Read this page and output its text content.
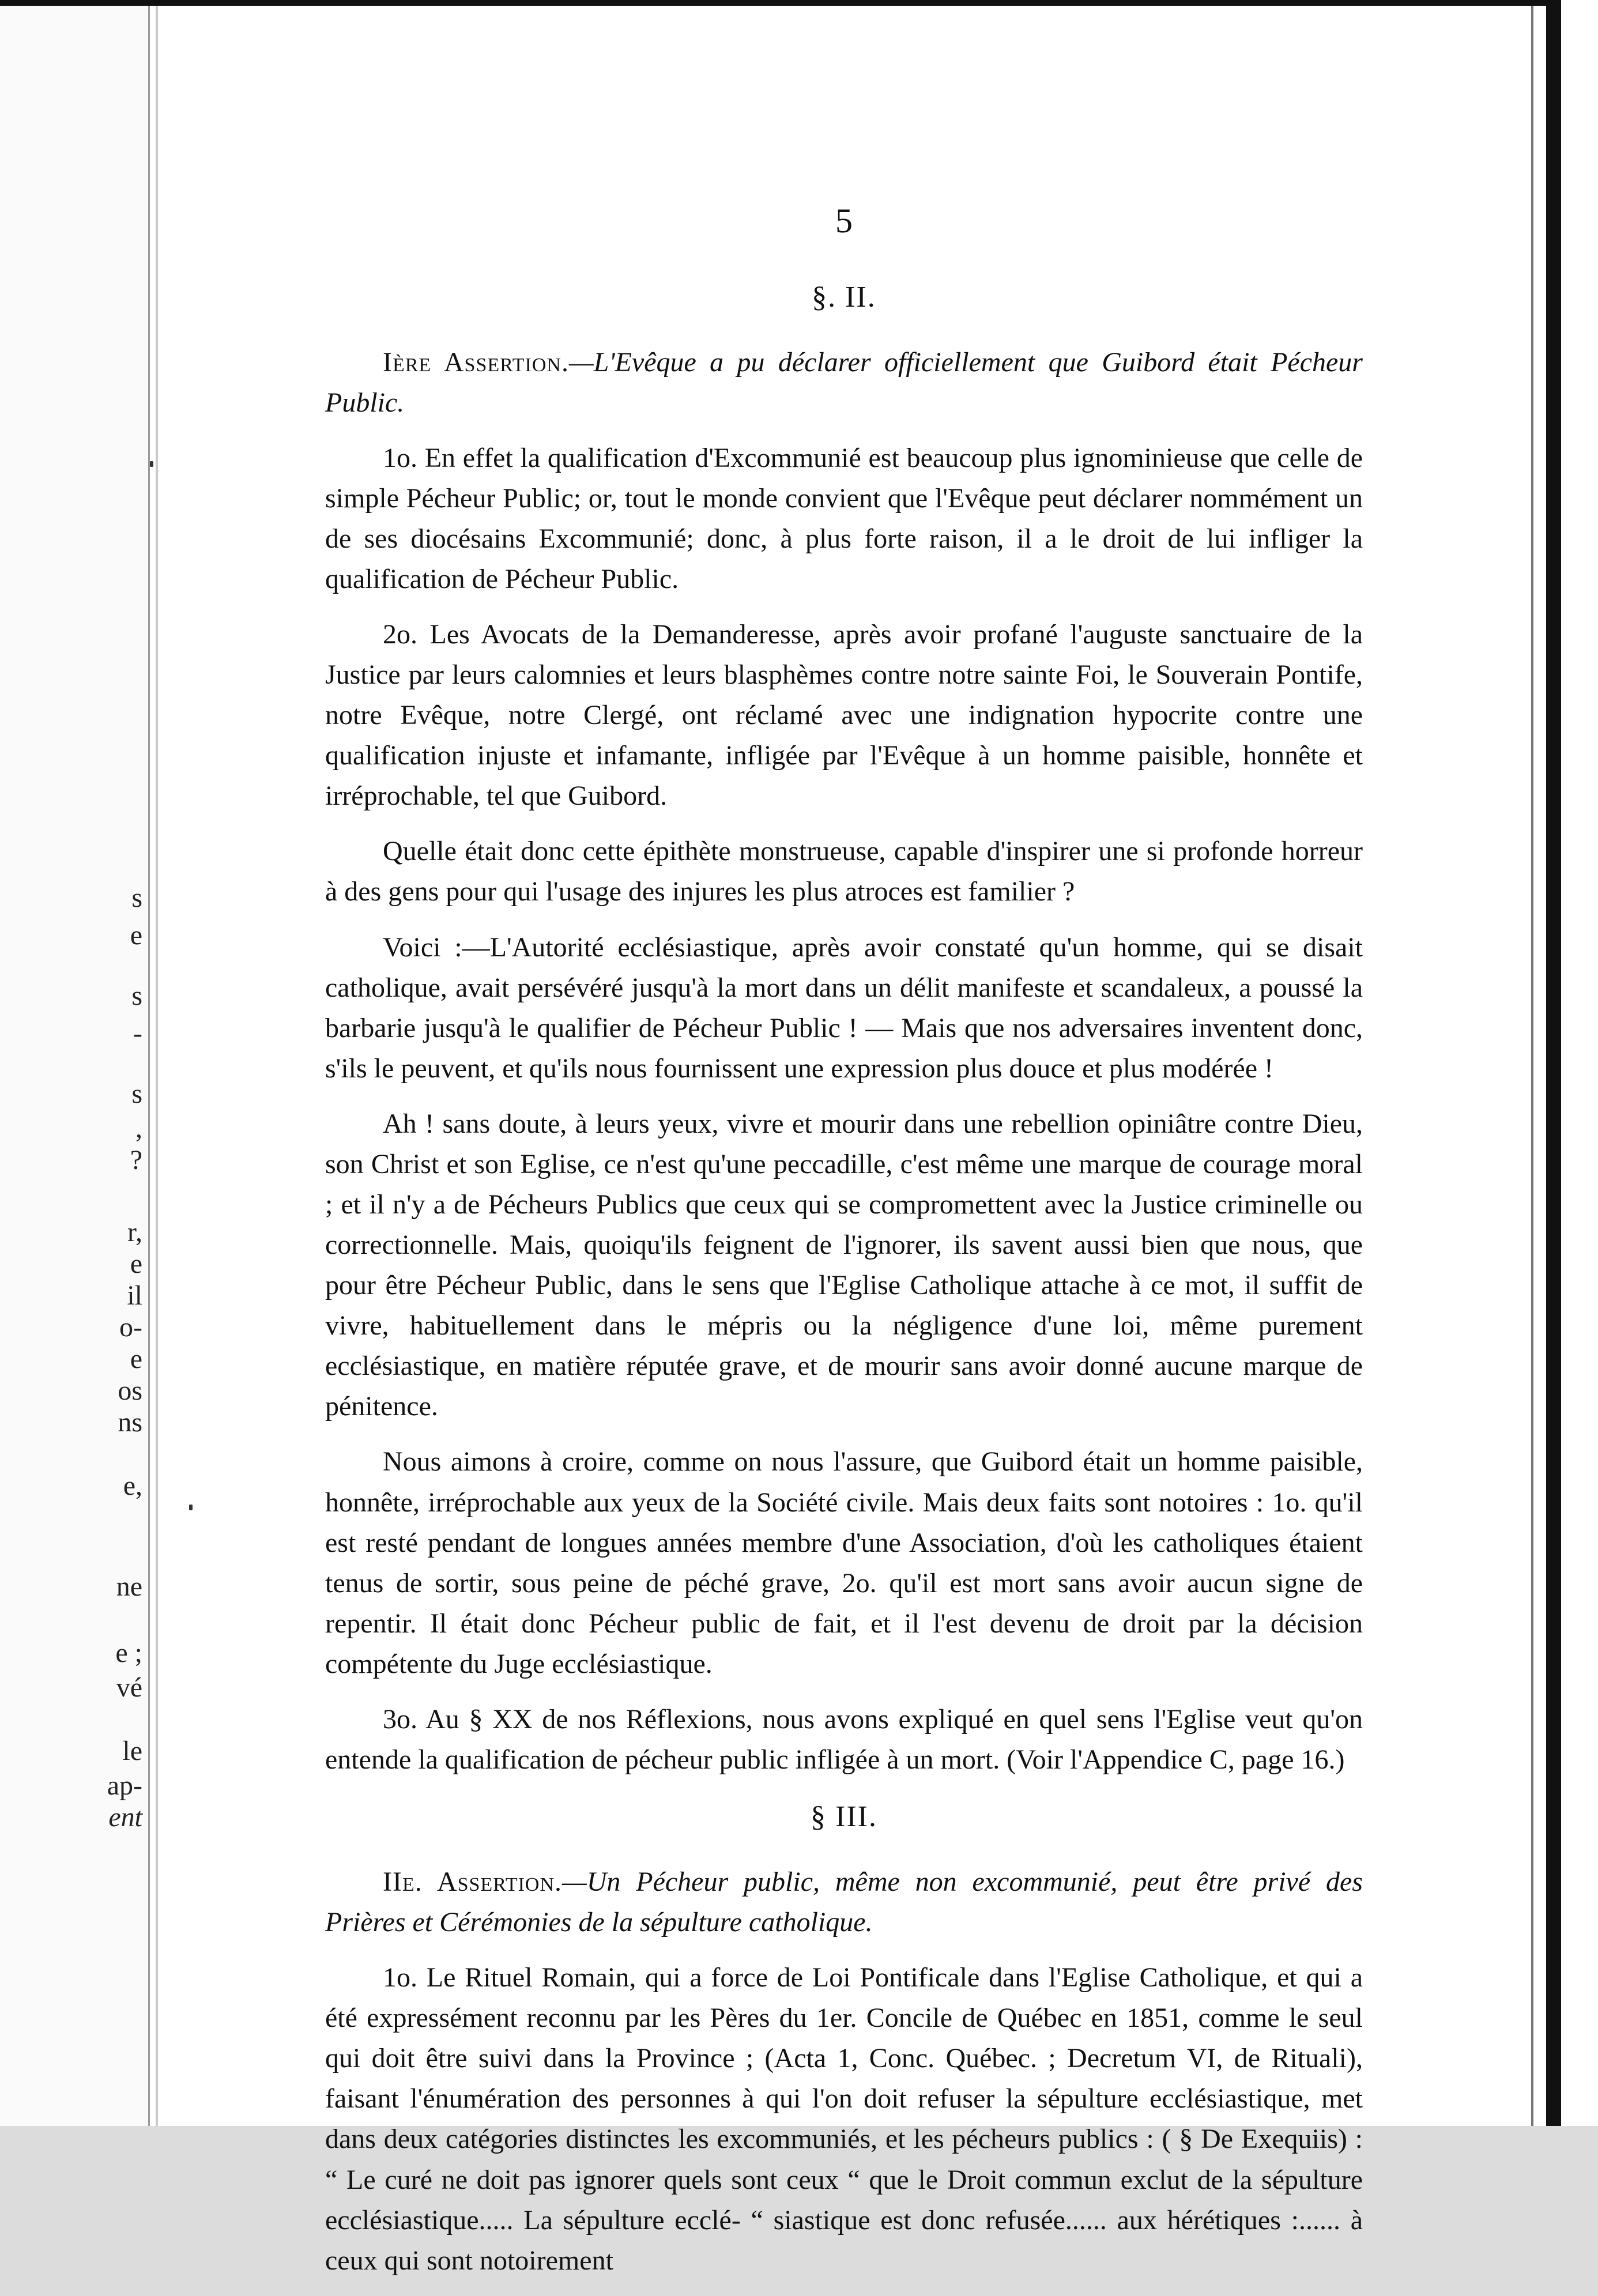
s
e
s
-
s
,
?
r,
e
il
o-
e
os
ns
e,
ne
e ;
vé
le
ap-
ent
5
§. II.

Ière Assertion.—L'Evêque a pu déclarer officiellement que Guibord était Pécheur Public.

1o. En effet la qualification d'Excommunié est beaucoup plus ignominieuse que celle de simple Pécheur Public; or, tout le monde convient que l'Evêque peut déclarer nommément un de ses diocésains Excommunié; donc, à plus forte raison, il a le droit de lui infliger la qualification de Pécheur Public.

2o. Les Avocats de la Demanderesse, après avoir profané l'auguste sanctuaire de la Justice par leurs calomnies et leurs blasphèmes contre notre sainte Foi, le Souverain Pontife, notre Evêque, notre Clergé, ont réclamé avec une indignation hypocrite contre une qualification injuste et infamante, infligée par l'Evêque à un homme paisible, honnête et irréprochable, tel que Guibord.

Quelle était donc cette épithète monstrueuse, capable d'inspirer une si profonde horreur à des gens pour qui l'usage des injures les plus atroces est familier ?

Voici :—L'Autorité ecclésiastique, après avoir constaté qu'un homme, qui se disait catholique, avait persévéré jusqu'à la mort dans un délit manifeste et scandaleux, a poussé la barbarie jusqu'à le qualifier de Pécheur Public ! — Mais que nos adversaires inventent donc, s'ils le peuvent, et qu'ils nous fournissent une expression plus douce et plus modérée !

Ah ! sans doute, à leurs yeux, vivre et mourir dans une rebellion opiniâtre contre Dieu, son Christ et son Eglise, ce n'est qu'une peccadille, c'est même une marque de courage moral ; et il n'y a de Pécheurs Publics que ceux qui se compromettent avec la Justice criminelle ou correctionnelle. Mais, quoiqu'ils feignent de l'ignorer, ils savent aussi bien que nous, que pour être Pécheur Public, dans le sens que l'Eglise Catholique attache à ce mot, il suffit de vivre, habituellement dans le mépris ou la négligence d'une loi, même purement ecclésiastique, en matière réputée grave, et de mourir sans avoir donné aucune marque de pénitence.

Nous aimons à croire, comme on nous l'assure, que Guibord était un homme paisible, honnête, irréprochable aux yeux de la Société civile. Mais deux faits sont notoires : 1o. qu'il est resté pendant de longues années membre d'une Association, d'où les catholiques étaient tenus de sortir, sous peine de péché grave, 2o. qu'il est mort sans avoir aucun signe de repentir. Il était donc Pécheur public de fait, et il l'est devenu de droit par la décision compétente du Juge ecclésiastique.

3o. Au § XX de nos Réflexions, nous avons expliqué en quel sens l'Eglise veut qu'on entende la qualification de pécheur public infligée à un mort. (Voir l'Appendice C, page 16.)

§ III.

IIe. Assertion.—Un Pécheur public, même non excommunié, peut être privé des Prières et Cérémonies de la sépulture catholique.

1o. Le Rituel Romain, qui a force de Loi Pontificale dans l'Eglise Catholique, et qui a été expressément reconnu par les Pères du 1er. Concile de Québec en 1851, comme le seul qui doit être suivi dans la Province ; (Acta 1, Conc. Québec. ; Decretum VI, de Rituali), faisant l'énumération des personnes à qui l'on doit refuser la sépulture ecclésiastique, met dans deux catégories distinctes les excommuniés, et les pécheurs publics : ( § De Exequiis) : “ Le curé ne doit pas ignorer quels sont ceux “ que le Droit commun exclut de la sépulture ecclésiastique..... La sépulture ecclé- “ siastique est donc refusée...... aux hérétiques :...... à ceux qui sont notoirement
